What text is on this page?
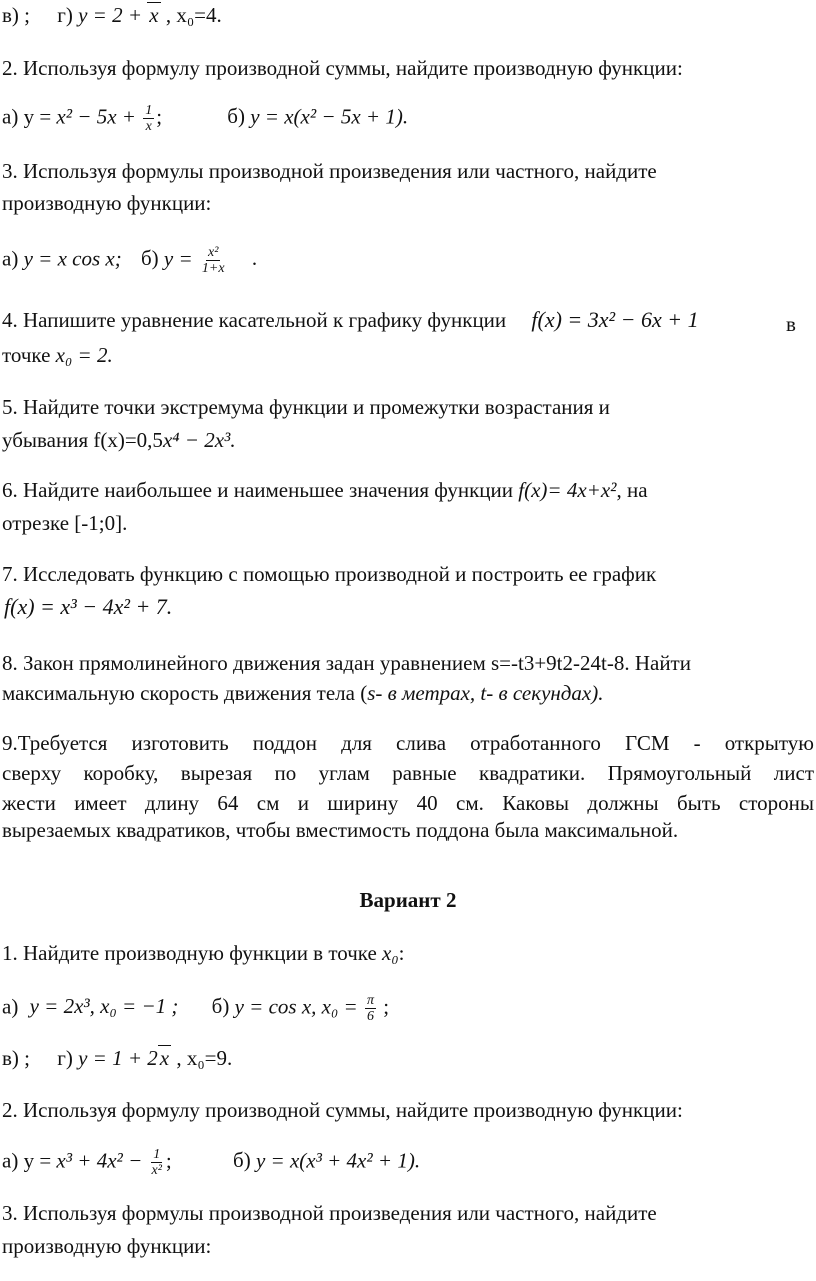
в) ; г) y = 2 + x , x₀=4.
2. Используя формулу производной суммы, найдите производную функции:
а) $y = x^2 - 5x + \frac{1}{x}$ ;	б) y = x(x² − 5x + 1).
3. Используя формулы производной произведения или частного, найдите
производную функции:
а) y = x cos x; б) $y = \frac{\text{x²}}{1+x}$ .
4. Напишите уравнение касательной к графику функции f(x) = 3x² − 6x + 1	в
точке x₀ = 2.
5. Найдите точки экстремума функции и промежутки возрастания и
убывания f(x)=0,5x⁴ − 2x³.
6. Найдите наибольшее и наименьшее значения функции f(x)= 4x+x², на
отрезке [-1;0].
7. Исследовать функцию с помощью производной и построить ее график
f(x) = x³ − 4x² + 7.
8. Закон прямолинейного движения задан уравнением s=-t3+9t2-24t-8. Найти
максимальную скорость движения тела (s- в метрах, t- в секундах).
9.Требуется изготовить поддон для слива отработанного ГСМ - открытую
сверху коробку, вырезая по углам равные квадратики. Прямоугольный лист
жести имеет длину 64 см и ширину 40 см. Каковы должны быть стороны
вырезаемых квадратиков, чтобы вместимость поддона была максимальной.
Вариант 2
1. Найдите производную функции в точке x₀:
а) y = 2x³, x₀ = −1 ; б) y = cos x, $x_0 = \frac{\pi}{6}$ ;
в) ; г) y = 1 + 2x , x₀=9.
2. Используя формулу производной суммы, найдите производную функции:
а) $y = x^3 + 4x^2 - \frac{1}{\text{x²}}$ ;	б) y = x(x³ + 4x² + 1).
3. Используя формулы производной произведения или частного, найдите
производную функции:
